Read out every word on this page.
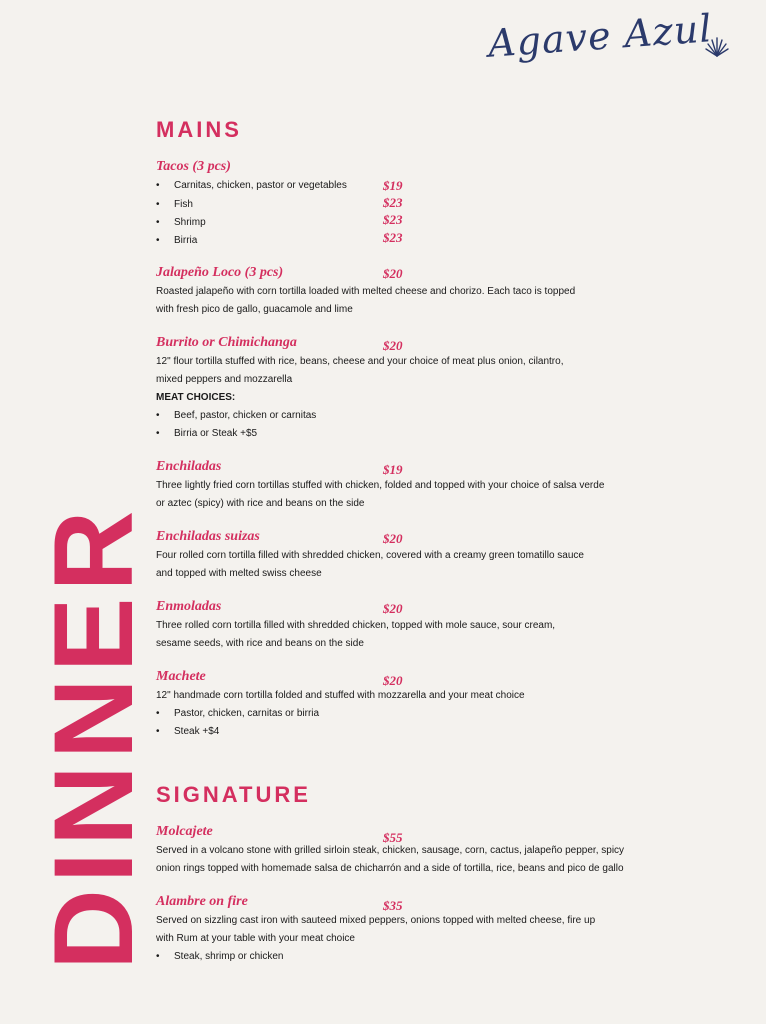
Agave Azul
DINNER
MAINS
Tacos (3 pcs)
•	Carnitas, chicken, pastor or vegetables	$19
•	Fish	$23
•	Shrimp	$23
•	Birria	$23
Jalapeño Loco (3 pcs)	$20
Roasted jalapeño with corn tortilla loaded with melted cheese and chorizo. Each taco is topped
with fresh pico de gallo, guacamole and lime
Burrito or Chimichanga	$20
12" flour tortilla stuffed with rice, beans, cheese and your choice of meat plus onion, cilantro,
mixed peppers and mozzarella
MEAT CHOICES:
•	Beef, pastor, chicken or carnitas
•	Birria or Steak +$5
Enchiladas	$19
Three lightly fried corn tortillas stuffed with chicken, folded and topped with your choice of salsa verde
or aztec (spicy) with rice and beans on the side
Enchiladas suizas	$20
Four rolled corn tortilla filled with shredded chicken, covered with a creamy green tomatillo sauce
and topped with melted swiss cheese
Enmoladas	$20
Three rolled corn tortilla filled with shredded chicken, topped with mole sauce, sour cream,
sesame seeds, with rice and beans on the side
Machete	$20
12" handmade corn tortilla folded and stuffed with mozzarella and your meat choice
•	Pastor, chicken, carnitas or birria
•	Steak +$4
SIGNATURE
Molcajete	$55
Served in a volcano stone with grilled sirloin steak, chicken, sausage, corn, cactus, jalapeño pepper, spicy
onion rings topped with homemade salsa de chicharrón and a side of tortilla, rice, beans and pico de gallo
Alambre on fire	$35
Served on sizzling cast iron with sauteed mixed peppers, onions topped with melted cheese, fire up
with Rum at your table with your meat choice
•	Steak, shrimp or chicken
